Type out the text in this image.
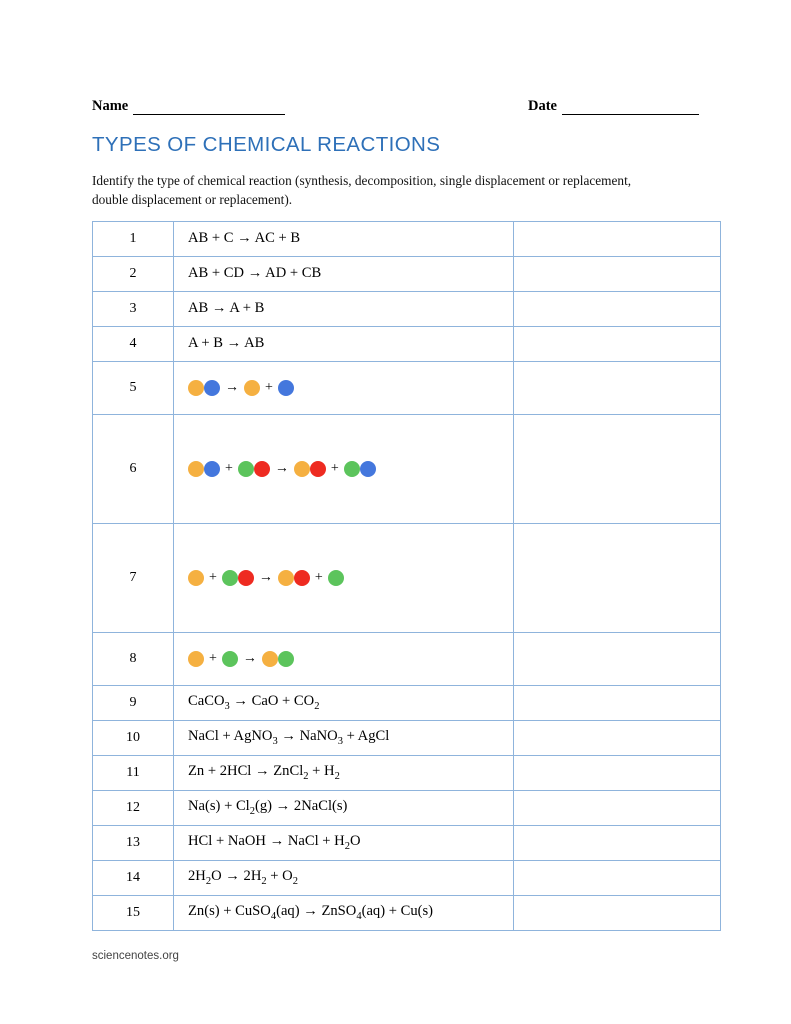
Name	Date
TYPES OF CHEMICAL REACTIONS
Identify the type of chemical reaction (synthesis, decomposition, single displacement or replacement, double displacement or replacement).
1	AB + C → AC + B	
2	AB + CD → AD + CB	
3	AB → A + B	
4	A + B → AB	
5	→ +	

6	+ → +	

7	+ → +	

8	+ →	

9	CaCO$_3$ → CaO + $CO_2$	
10	NaCl + AgNO$_3$ → NaNO$_3$ + AgCl	
11	Zn + 2HCl → ZnCl$_2$ + $H_2$	
12	$Na(s) + Cl_2(g)$ → 2NaCl(s)	
13	HCl + NaOH → NaCl + $H_2O$	
14	$2H_2O \to 2H_2 + O_2$	
15	Zn(s) + CuSO$_4$(aq) → ZnSO$_4$(aq) + Cu(s)	
sciencenotes.org
